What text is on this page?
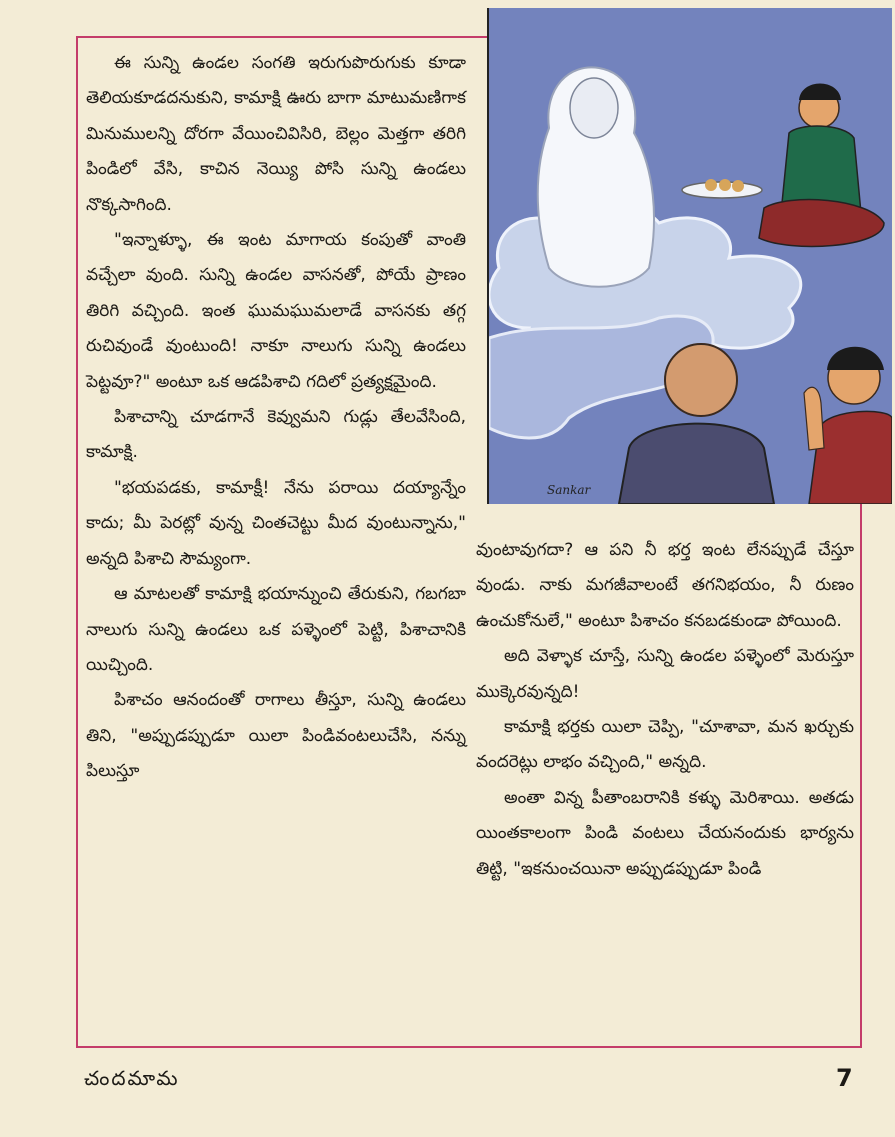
Sankar

ఈ సున్ని ఉండల సంగతి ఇరుగుపొరుగుకు కూడా తెలియకూడదనుకుని, కామాక్షి ఊరు బాగా మాటుమణిగాక మినుములన్ని దోరగా వేయించివిసిరి, బెల్లం మెత్తగా తరిగి పిండిలో వేసి, కాచిన నెయ్యి పోసి సున్ని ఉండలు నొక్కసాగింది.

"ఇన్నాళ్ళూ, ఈ ఇంట మాగాయ కంపుతో వాంతి వచ్చేలా వుంది. సున్ని ఉండల వాసనతో, పోయే ప్రాణం తిరిగి వచ్చింది. ఇంత ఘుమఘుమలాడే వాసనకు తగ్గ రుచివుండే వుంటుంది! నాకూ నాలుగు సున్ని ఉండలు పెట్టవూ?" అంటూ ఒక ఆడపిశాచి గదిలో ప్రత్యక్షమైంది.

పిశాచాన్ని చూడగానే కెవ్వుమని గుడ్లు తేలవేసింది, కామాక్షి.

"భయపడకు, కామాక్షీ! నేను పరాయి దయ్యాన్నేం కాదు; మీ పెరట్లో వున్న చింతచెట్టు మీద వుంటున్నాను," అన్నది పిశాచి సౌమ్యంగా.

ఆ మాటలతో కామాక్షి భయాన్నుంచి తేరుకుని, గబగబా నాలుగు సున్ని ఉండలు ఒక పళ్ళెంలో పెట్టి, పిశాచానికి యిచ్చింది.

పిశాచం ఆనందంతో రాగాలు తీస్తూ, సున్ని ఉండలు తిని, "అప్పుడప్పుడూ యిలా పిండివంటలుచేసి, నన్ను పిలుస్తూ

వుంటావుగదా? ఆ పని నీ భర్త ఇంట లేనప్పుడే చేస్తూ వుండు. నాకు మగజీవాలంటే తగనిభయం, నీ రుణం ఉంచుకోనులే," అంటూ పిశాచం కనబడకుండా పోయింది.

అది వెళ్ళాక చూస్తే, సున్ని ఉండల పళ్ళెంలో మెరుస్తూ ముక్కెరవున్నది!

కామాక్షి భర్తకు యిలా చెప్పి, "చూశావా, మన ఖర్చుకు వందరెట్లు లాభం వచ్చింది," అన్నది.

అంతా విన్న పీతాంబరానికి కళ్ళు మెరిశాయి. అతడు యింతకాలంగా పిండి వంటలు చేయనందుకు భార్యను తిట్టి, "ఇకనుంచయినా అప్పుడప్పుడూ పిండి

చందమామ	7
